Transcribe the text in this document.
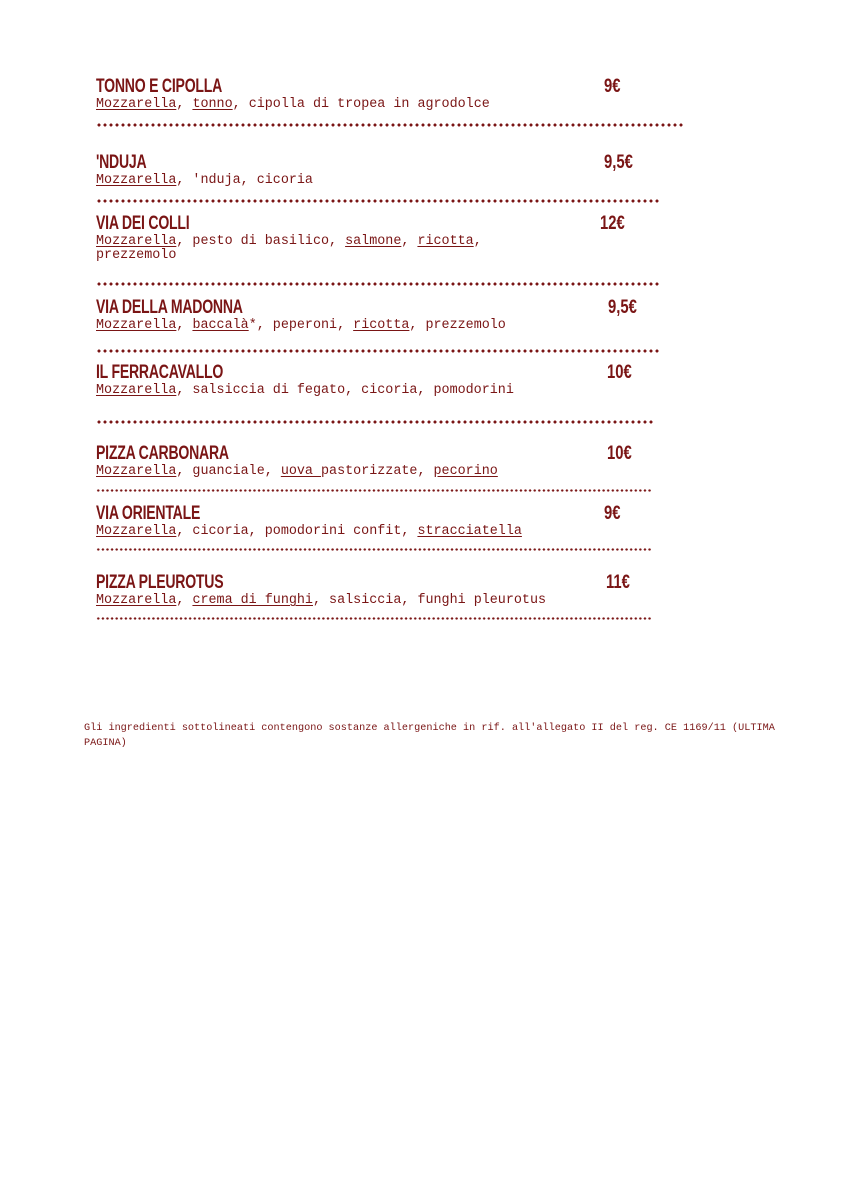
TONNO E CIPOLLA	9€
Mozzarella, tonno, cipolla di tropea in agrodolce
'NDUJA	9,5€
Mozzarella, 'nduja, cicoria
VIA DEI COLLI	12€
Mozzarella, pesto di basilico, salmone, ricotta, prezzemolo
VIA DELLA MADONNA	9,5€
Mozzarella, baccalà*, peperoni, ricotta, prezzemolo
IL FERRACAVALLO	10€
Mozzarella, salsiccia di fegato, cicoria, pomodorini
PIZZA CARBONARA	10€
Mozzarella, guanciale, uova pastorizzate, pecorino
VIA ORIENTALE	9€
Mozzarella, cicoria, pomodorini confit, stracciatella
PIZZA PLEUROTUS	11€
Mozzarella, crema di funghi, salsiccia, funghi pleurotus
Gli ingredienti sottolineati contengono sostanze allergeniche in rif. all'allegato II del reg. CE 1169/11 (ULTIMA PAGINA)
